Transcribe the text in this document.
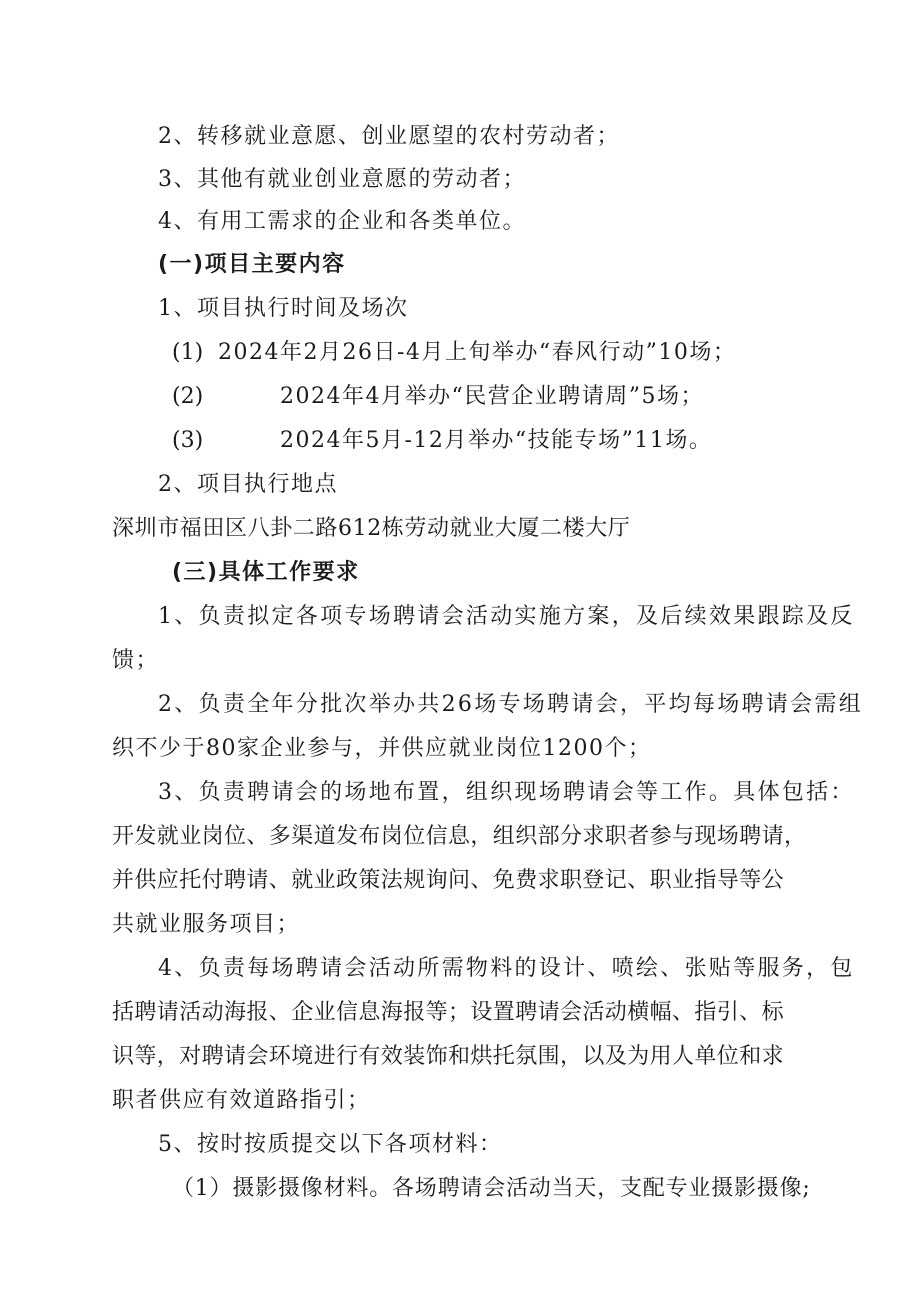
2、转移就业意愿、创业愿望的农村劳动者；
3、其他有就业创业意愿的劳动者；
4、有用工需求的企业和各类单位。
(一)项目主要内容
1、项目执行时间及场次
(1) 2024年2月26日-4月上旬举办“春风行动”10场；
(2)	2024年4月举办“民营企业聘请周”5场；
(3)	2024年5月-12月举办“技能专场”11场。
2、项目执行地点
深圳市福田区八卦二路612栋劳动就业大厦二楼大厅
(三)具体工作要求
1、负责拟定各项专场聘请会活动实施方案，及后续效果跟踪及反
馈；
2、负责全年分批次举办共26场专场聘请会，平均每场聘请会需组
织不少于80家企业参与，并供应就业岗位1200个；
3、负责聘请会的场地布置，组织现场聘请会等工作。具体包括：
开发就业岗位、多渠道发布岗位信息，组织部分求职者参与现场聘请，
并供应托付聘请、就业政策法规询问、免费求职登记、职业指导等公
共就业服务项目；
4、负责每场聘请会活动所需物料的设计、喷绘、张贴等服务，包
括聘请活动海报、企业信息海报等；设置聘请会活动横幅、指引、标
识等，对聘请会环境进行有效装饰和烘托氛围，以及为用人单位和求
职者供应有效道路指引；
5、按时按质提交以下各项材料：
（1）摄影摄像材料。各场聘请会活动当天，支配专业摄影摄像;
